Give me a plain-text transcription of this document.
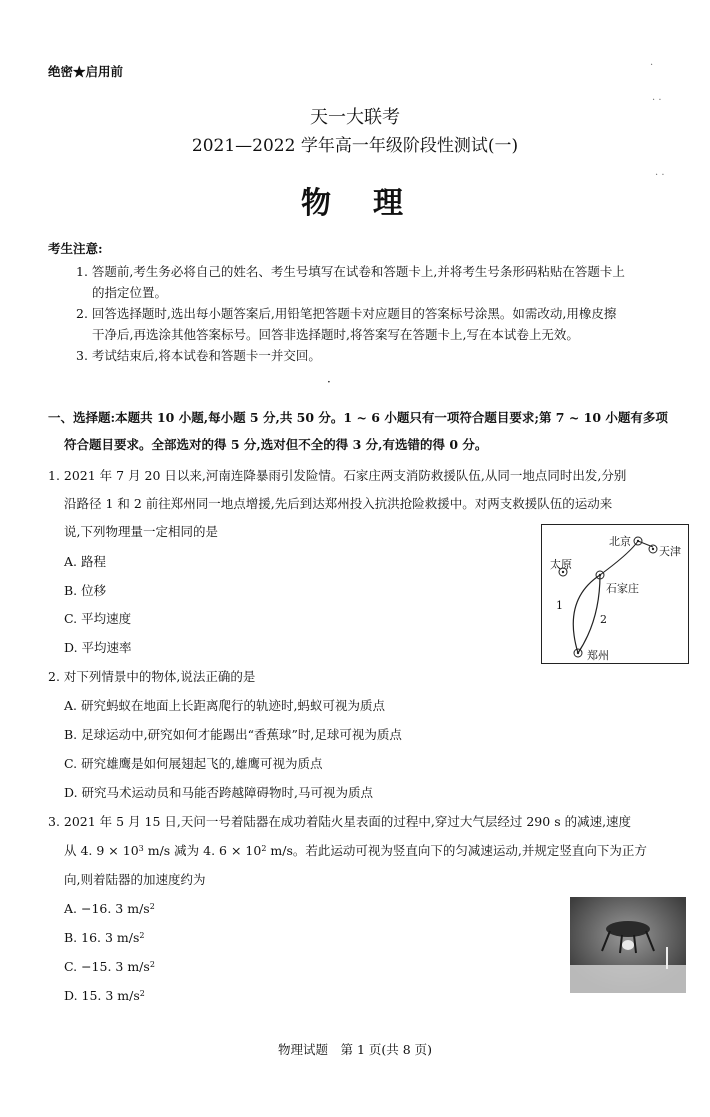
绝密★启用前
天一大联考
2021—2022 学年高一年级阶段性测试(一)
物　理
·
· ·
· ·
考生注意:
1. 答题前,考生务必将自己的姓名、考生号填写在试卷和答题卡上,并将考生号条形码粘贴在答题卡上
的指定位置。
2. 回答选择题时,选出每小题答案后,用铅笔把答题卡对应题目的答案标号涂黑。如需改动,用橡皮擦
干净后,再选涂其他答案标号。回答非选择题时,将答案写在答题卡上,写在本试卷上无效。
3. 考试结束后,将本试卷和答题卡一并交回。
·
一、选择题:本题共 10 小题,每小题 5 分,共 50 分。1 ~ 6 小题只有一项符合题目要求;第 7 ~ 10 小题有多项
符合题目要求。全部选对的得 5 分,选对但不全的得 3 分,有选错的得 0 分。
1. 2021 年 7 月 20 日以来,河南连降暴雨引发险情。石家庄两支消防救援队伍,从同一地点同时出发,分别
沿路径 1 和 2 前往郑州同一地点增援,先后到达郑州投入抗洪抢险救援中。对两支救援队伍的运动来
说,下列物理量一定相同的是
A. 路程
B. 位移
C. 平均速度
D. 平均速率
北京
天津
太原
石家庄
郑州
1
2
2. 对下列情景中的物体,说法正确的是
A. 研究蚂蚁在地面上长距离爬行的轨迹时,蚂蚁可视为质点
B. 足球运动中,研究如何才能踢出“香蕉球”时,足球可视为质点
C. 研究雄鹰是如何展翅起飞的,雄鹰可视为质点
D. 研究马术运动员和马能否跨越障碍物时,马可视为质点
3. 2021 年 5 月 15 日,天问一号着陆器在成功着陆火星表面的过程中,穿过大气层经过 290 s 的减速,速度
从 4. $9 \times 10^3$ m/s 减为 4. $6 \times 10^2$ m/s。若此运动可视为竖直向下的匀减速运动,并规定竖直向下为正方
向,则着陆器的加速度约为
A. −16. 3 $m/s^2$
B. 16. 3 $m/s^2$
C. −15. 3 $m/s^2$
D. 15. 3 $m/s^2$
物理试题　第 1 页(共 8 页)
